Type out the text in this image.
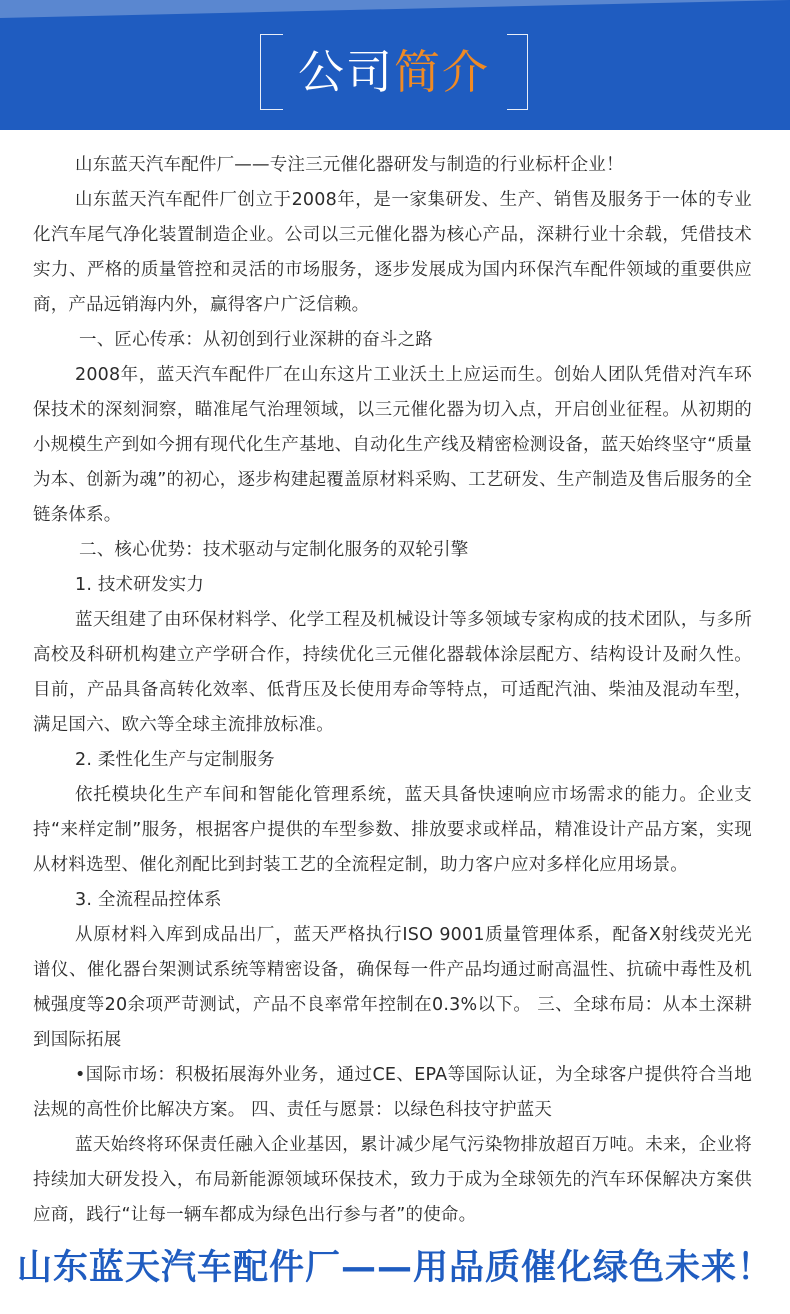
公司简介

山东蓝天汽车配件厂——专注三元催化器研发与制造的行业标杆企业！

山东蓝天汽车配件厂创立于2008年，是一家集研发、生产、销售及服务于一体的专业化汽车尾气净化装置制造企业。公司以三元催化器为核心产品，深耕行业十余载，凭借技术实力、严格的质量管控和灵活的市场服务，逐步发展成为国内环保汽车配件领域的重要供应商，产品远销海内外，赢得客户广泛信赖。

一、匠心传承：从初创到行业深耕的奋斗之路

2008年，蓝天汽车配件厂在山东这片工业沃土上应运而生。创始人团队凭借对汽车环保技术的深刻洞察，瞄准尾气治理领域，以三元催化器为切入点，开启创业征程。从初期的小规模生产到如今拥有现代化生产基地、自动化生产线及精密检测设备，蓝天始终坚守“质量为本、创新为魂”的初心，逐步构建起覆盖原材料采购、工艺研发、生产制造及售后服务的全链条体系。

二、核心优势：技术驱动与定制化服务的双轮引擎

1. 技术研发实力

蓝天组建了由环保材料学、化学工程及机械设计等多领域专家构成的技术团队，与多所高校及科研机构建立产学研合作，持续优化三元催化器载体涂层配方、结构设计及耐久性。目前，产品具备高转化效率、低背压及长使用寿命等特点，可适配汽油、柴油及混动车型，满足国六、欧六等全球主流排放标准。

2. 柔性化生产与定制服务

依托模块化生产车间和智能化管理系统，蓝天具备快速响应市场需求的能力。企业支持“来样定制”服务，根据客户提供的车型参数、排放要求或样品，精准设计产品方案，实现从材料选型、催化剂配比到封装工艺的全流程定制，助力客户应对多样化应用场景。

3. 全流程品控体系

从原材料入库到成品出厂，蓝天严格执行ISO 9001质量管理体系，配备X射线荧光光谱仪、催化器台架测试系统等精密设备，确保每一件产品均通过耐高温性、抗硫中毒性及机械强度等20余项严苛测试，产品不良率常年控制在0.3%以下。 三、全球布局：从本土深耕到国际拓展

•国际市场：积极拓展海外业务，通过CE、EPA等国际认证，为全球客户提供符合当地法规的高性价比解决方案。 四、责任与愿景：以绿色科技守护蓝天

蓝天始终将环保责任融入企业基因，累计减少尾气污染物排放超百万吨。未来，企业将持续加大研发投入，布局新能源领域环保技术，致力于成为全球领先的汽车环保解决方案供应商，践行“让每一辆车都成为绿色出行参与者”的使命。

山东蓝天汽车配件厂——用品质催化绿色未来！
